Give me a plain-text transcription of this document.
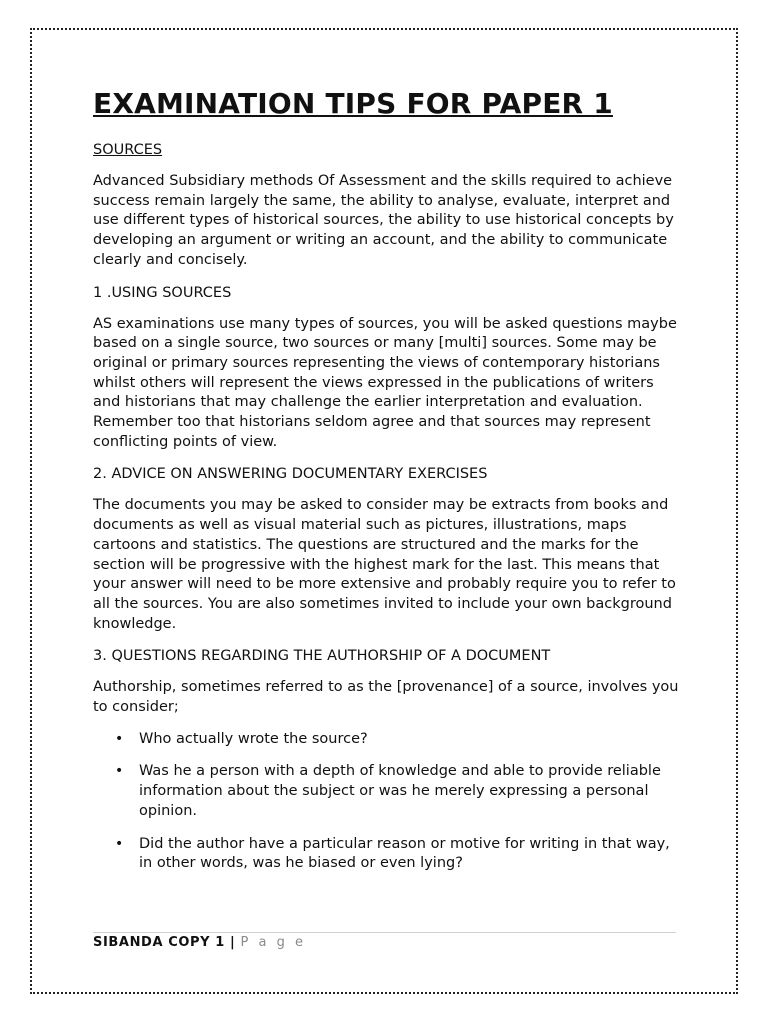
EXAMINATION TIPS FOR PAPER 1
SOURCES

Advanced Subsidiary methods Of Assessment and the skills required to achieve success remain largely the same, the ability to analyse, evaluate, interpret and use different types of historical sources, the ability to use historical concepts by developing an argument or writing an account, and the ability to communicate clearly and concisely.

1 .USING SOURCES

AS examinations use many types of sources, you will be asked questions maybe based on a single source, two sources or many [multi] sources. Some may be original or primary sources representing the views of contemporary historians whilst others will represent the views expressed in the publications of writers and historians that may challenge the earlier interpretation and evaluation. Remember too that historians seldom agree and that sources may represent conflicting points of view.

2. ADVICE ON ANSWERING DOCUMENTARY EXERCISES

The documents you may be asked to consider may be extracts from books and documents as well as visual material such as pictures, illustrations, maps cartoons and statistics. The questions are structured and the marks for the section will be progressive with the highest mark for the last. This means that your answer will need to be more extensive and probably require you to refer to all the sources. You are also sometimes invited to include your own background knowledge.

3. QUESTIONS REGARDING THE AUTHORSHIP OF A DOCUMENT

Authorship, sometimes referred to as the [provenance] of a source, involves you to consider;

• Who actually wrote the source?
• Was he a person with a depth of knowledge and able to provide reliable information about the subject or was he merely expressing a personal opinion.
• Did the author have a particular reason or motive for writing in that way, in other words, was he biased or even lying?
SIBANDA COPY 1 | P a g e
